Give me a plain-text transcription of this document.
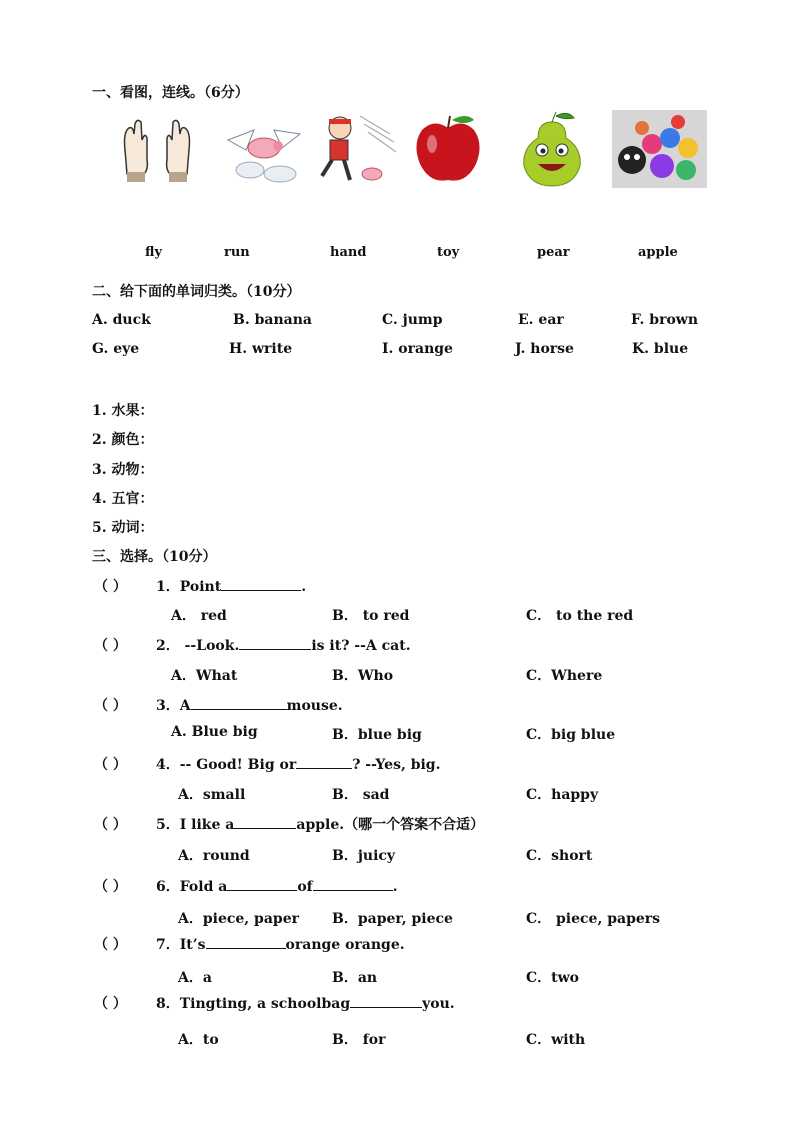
一、看图，连线。（6分）
fly	run	hand	toy	pear	apple
二、给下面的单词归类。（10分）
A. duck	B. banana	C. jump	E. ear	F. brown
G. eye	H. write	I. orange	J. horse	K. blue
1. 水果：
2. 颜色：
3. 动物：
4. 五官：
5. 动词：
三、选择。（10分）
（ ） 1．Point	.
A． red	B． to red	C． to the red
（ ） 2． --Look.	is it? --A cat.
A．What	B．Who	C．Where
（ ） 3．A	mouse.
A. Blue big	B．blue big	C．big blue
（ ） 4．-- Good! Big or	? --Yes, big.
A．small	B． sad	C．happy
（ ） 5．I like a	apple.（哪一个答案不合适）
A．round	B．juicy	C．short
（ ） 6．Fold a	of	.
A．piece, paper B．paper, piece	C． piece, papers
（ ） 7．It’s	orange orange.
A．a	B．an	C．two
（ ） 8．Tingting, a schoolbag	you.
A．to	B． for	C．with
